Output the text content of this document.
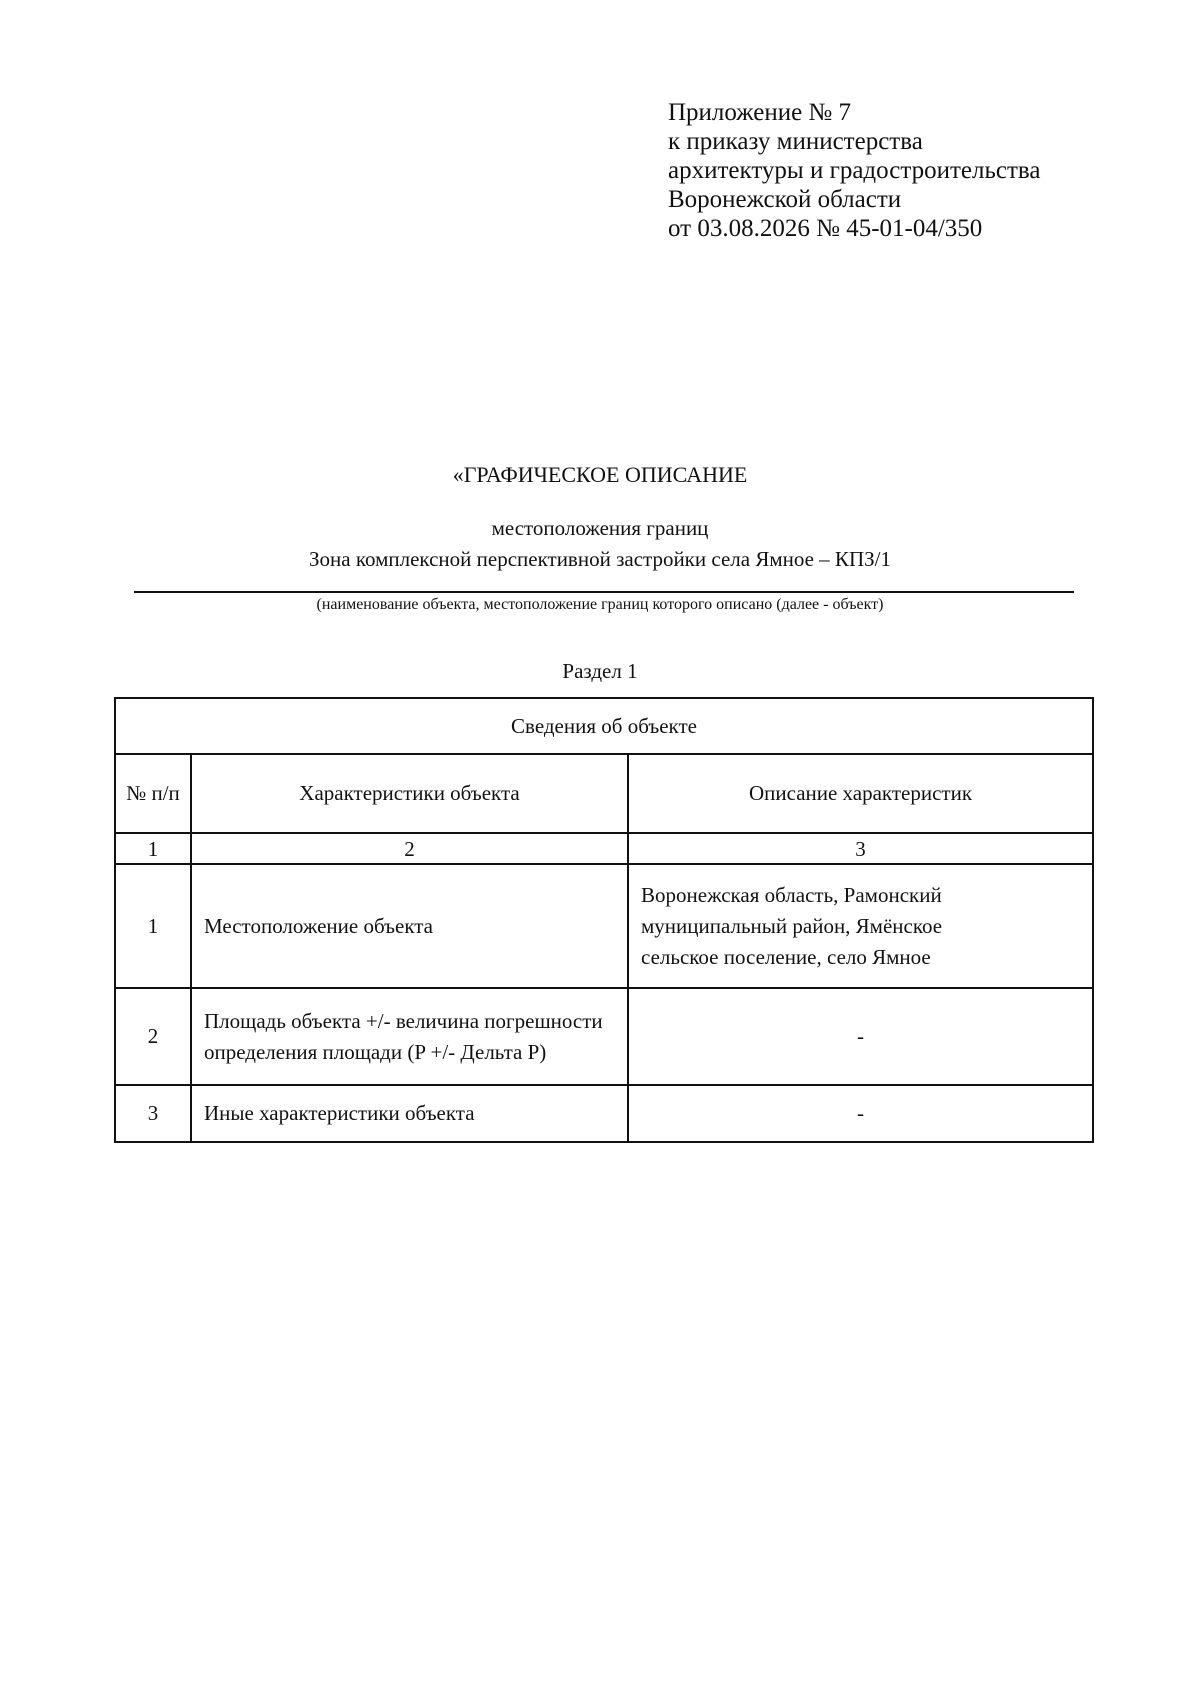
Приложение № 7
к приказу министерства
архитектуры и градостроительства
Воронежской области
от 03.08.2026 № 45-01-04/350
«ГРАФИЧЕСКОЕ ОПИСАНИЕ
местоположения границ
Зона комплексной перспективной застройки села Ямное – КПЗ/1
(наименование объекта, местоположение границ которого описано (далее - объект)
Раздел 1
Сведения об объекте		
№ п/п	Характеристики объекта	Описание характеристик
1	2	3
1	Местоположение объекта	Воронежская область, Рамонский
муниципальный район, Ямёнское
сельское поселение, село Ямное

2	Площадь объекта +/- величина погрешности определения площади (P +/- Дельта P)	-
3	Иные характеристики объекта	-
